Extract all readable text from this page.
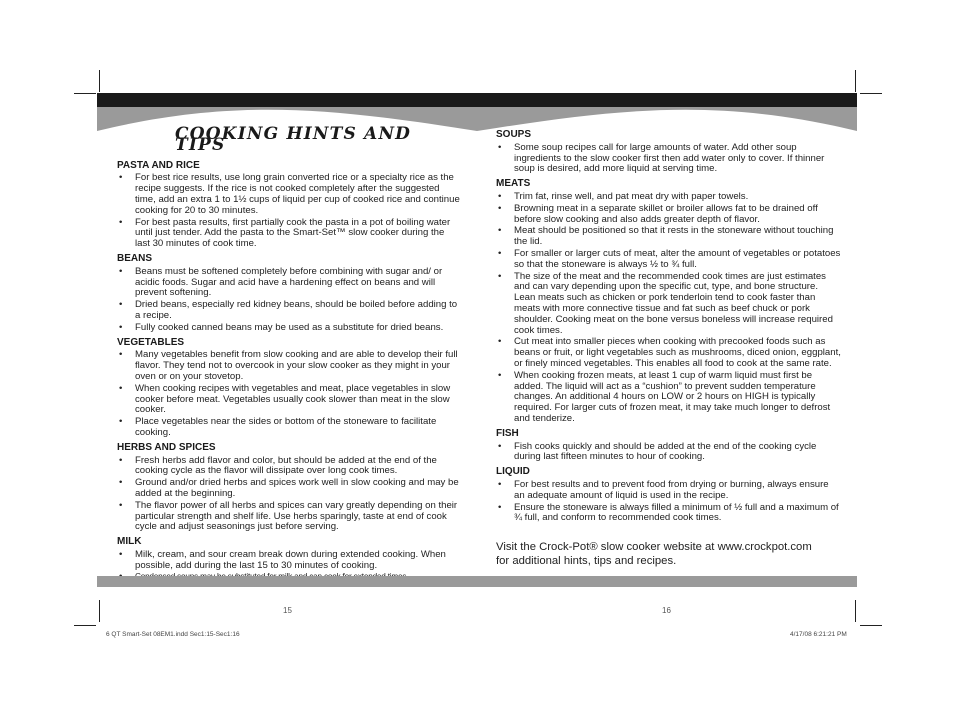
COOKING HINTS AND TIPS
PASTA AND RICE
• For best rice results, use long grain converted rice or a specialty rice as the recipe suggests. If the rice is not cooked completely after the suggested time, add an extra 1 to 1½ cups of liquid per cup of cooked rice and continue cooking for 20 to 30 minutes.
• For best pasta results, first partially cook the pasta in a pot of boiling water until just tender. Add the pasta to the Smart-Set™ slow cooker during the last 30 minutes of cook time.
BEANS
• Beans must be softened completely before combining with sugar and/ or acidic foods. Sugar and acid have a hardening effect on beans and will prevent softening.
• Dried beans, especially red kidney beans, should be boiled before adding to a recipe.
• Fully cooked canned beans may be used as a substitute for dried beans.
VEGETABLES
• Many vegetables benefit from slow cooking and are able to develop their full flavor. They tend not to overcook in your slow cooker as they might in your oven or on your stovetop.
• When cooking recipes with vegetables and meat, place vegetables in slow cooker before meat. Vegetables usually cook slower than meat in the slow cooker.
• Place vegetables near the sides or bottom of the stoneware to facilitate cooking.
HERBS AND SPICES
• Fresh herbs add flavor and color, but should be added at the end of the cooking cycle as the flavor will dissipate over long cook times.
• Ground and/or dried herbs and spices work well in slow cooking and may be added at the beginning.
• The flavor power of all herbs and spices can vary greatly depending on their particular strength and shelf life. Use herbs sparingly, taste at end of cook cycle and adjust seasonings just before serving.
MILK
• Milk, cream, and sour cream break down during extended cooking. When possible, add during the last 15 to 30 minutes of cooking.
SOUPS
• Some soup recipes call for large amounts of water. Add other soup ingredients to the slow cooker first then add water only to cover. If thinner soup is desired, add more liquid at serving time.
MEATS
• Trim fat, rinse well, and pat meat dry with paper towels.
• Browning meat in a separate skillet or broiler allows fat to be drained off before slow cooking and also adds greater depth of flavor.
• Meat should be positioned so that it rests in the stoneware without touching the lid.
• For smaller or larger cuts of meat, alter the amount of vegetables or potatoes so that the stoneware is always ½ to ¾ full.
• The size of the meat and the recommended cook times are just estimates and can vary depending upon the specific cut, type, and bone structure. Lean meats such as chicken or pork tenderloin tend to cook faster than meats with more connective tissue and fat such as beef chuck or pork shoulder. Cooking meat on the bone versus boneless will increase required cook times.
• Cut meat into smaller pieces when cooking with precooked foods such as beans or fruit, or light vegetables such as mushrooms, diced onion, eggplant, or finely minced vegetables. This enables all food to cook at the same rate.
• When cooking frozen meats, at least 1 cup of warm liquid must first be added. The liquid will act as a “cushion” to prevent sudden temperature changes. An additional 4 hours on LOW or 2 hours on HIGH is typically required. For larger cuts of frozen meat, it may take much longer to defrost and tenderize.
FISH
• Fish cooks quickly and should be added at the end of the cooking cycle during last fifteen minutes to hour of cooking.
LIQUID
• For best results and to prevent food from drying or burning, always ensure an adequate amount of liquid is used in the recipe.
• Ensure the stoneware is always filled a minimum of ½ full and a maximum of ¾ full, and conform to recommended cook times.
Visit the Crock-Pot® slow cooker website at www.crockpot.com
for additional hints, tips and recipes.
15	16
6 QT Smart-Set 08EM1.indd Sec1:15-Sec1:16	4/17/08 6:21:21 PM
